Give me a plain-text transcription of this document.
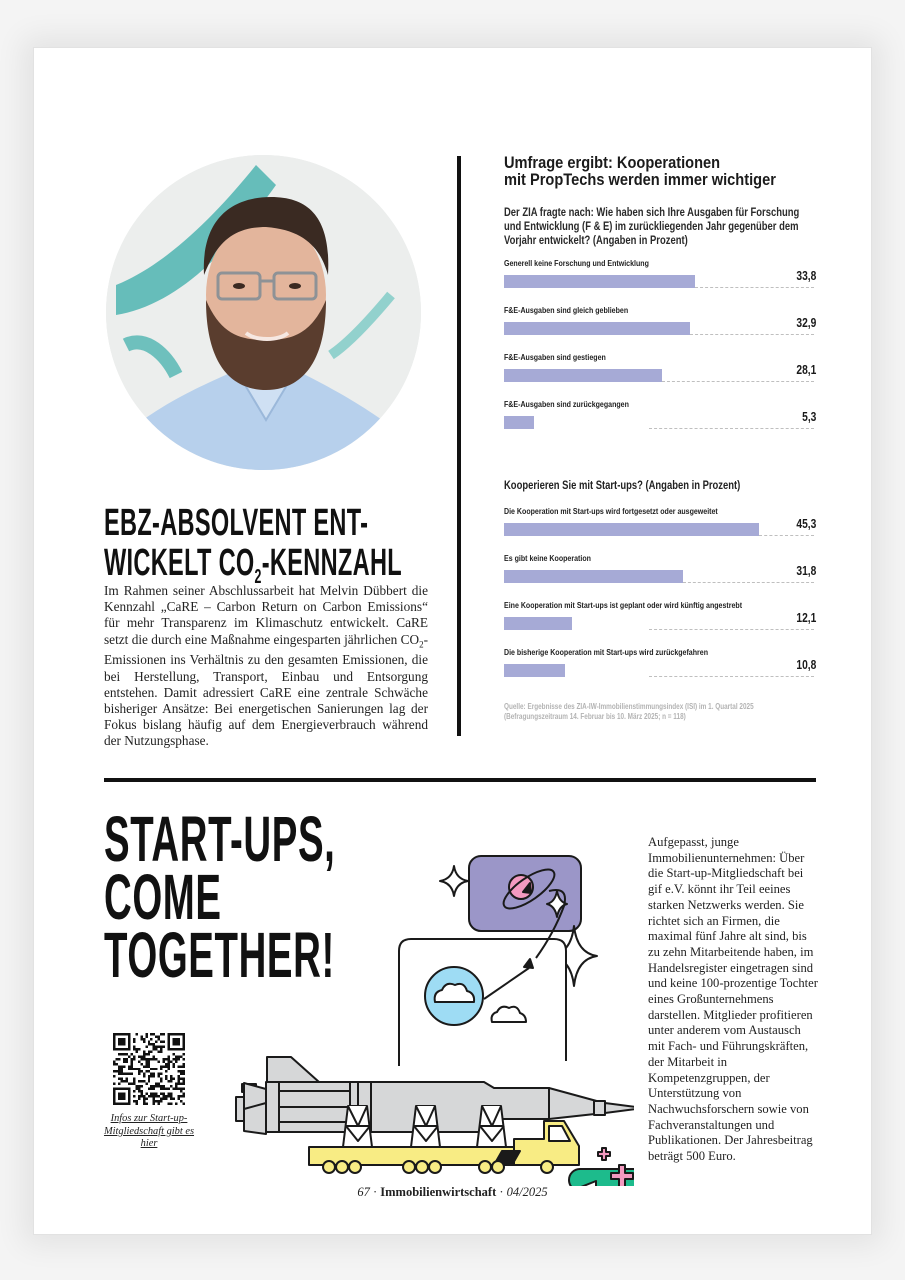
EBZ-ABSOLVENT ENT-
WICKELT $CO_2$-KENNZAHL

Im Rahmen seiner Abschlussarbeit hat Melvin Dübbert die Kennzahl „CaRE – Carbon Return on Carbon Emissions“ für mehr Transparenz im Klimaschutz entwickelt. CaRE setzt die durch eine Maßnahme eingesparten jährlichen $CO_2$-Emissionen ins Verhältnis zu den gesamten Emissionen, die bei Herstellung, Transport, Einbau und Entsorgung entstehen. Damit adressiert CaRE eine zentrale Schwäche bisheriger Ansätze: Bei energetischen Sanierungen lag der Fokus bislang häufig auf dem Energieverbrauch während der Nutzungsphase.

Umfrage ergibt: Kooperationen
mit PropTechs werden immer wichtiger
Der ZIA fragte nach: Wie haben sich Ihre Ausgaben für Forschung und Entwicklung (F & E) im zurückliegenden Jahr gegenüber dem Vorjahr entwickelt? (Angaben in Prozent)
Generell keine Forschung und Entwicklung
33,8
F&E-Ausgaben sind gleich geblieben
32,9
F&E-Ausgaben sind gestiegen
28,1
F&E-Ausgaben sind zurückgegangen
5,3
Kooperieren Sie mit Start-ups? (Angaben in Prozent)
Die Kooperation mit Start-ups wird fortgesetzt oder ausgeweitet
45,3
Es gibt keine Kooperation
31,8
Eine Kooperation mit Start-ups ist geplant oder wird künftig angestrebt
12,1
Die bisherige Kooperation mit Start-ups wird zurückgefahren
10,8
Quelle: Ergebnisse des ZIA-IW-Immobilienstimmungsindex (ISI) im 1. Quartal 2025 (Befragungszeitraum 14. Februar bis 10. März 2025; n = 118)
START-UPS,
COME
TOGETHER!
Infos zur Start-up-Mitgliedschaft gibt es hier

Aufgepasst, junge Immobilienunternehmen: Über die Start-up-Mitgliedschaft bei gif e.V. könnt ihr Teil eeines starken Netzwerks werden. Sie richtet sich an Firmen, die maximal fünf Jahre alt sind, bis zu zehn Mitarbeitende haben, im Handelsregister eingetragen sind und keine 100-prozentige Tochter eines Großunternehmens darstellen. Mitglieder profitieren unter anderem vom Austausch mit Fach- und Führungskräften, der Mitarbeit in Kompetenzgruppen, der Unterstützung von Nachwuchsforschern sowie von Fachveranstaltungen und Publikationen. Der Jahresbeitrag beträgt 500 Euro.

67 · Immobilienwirtschaft · 04/2025
